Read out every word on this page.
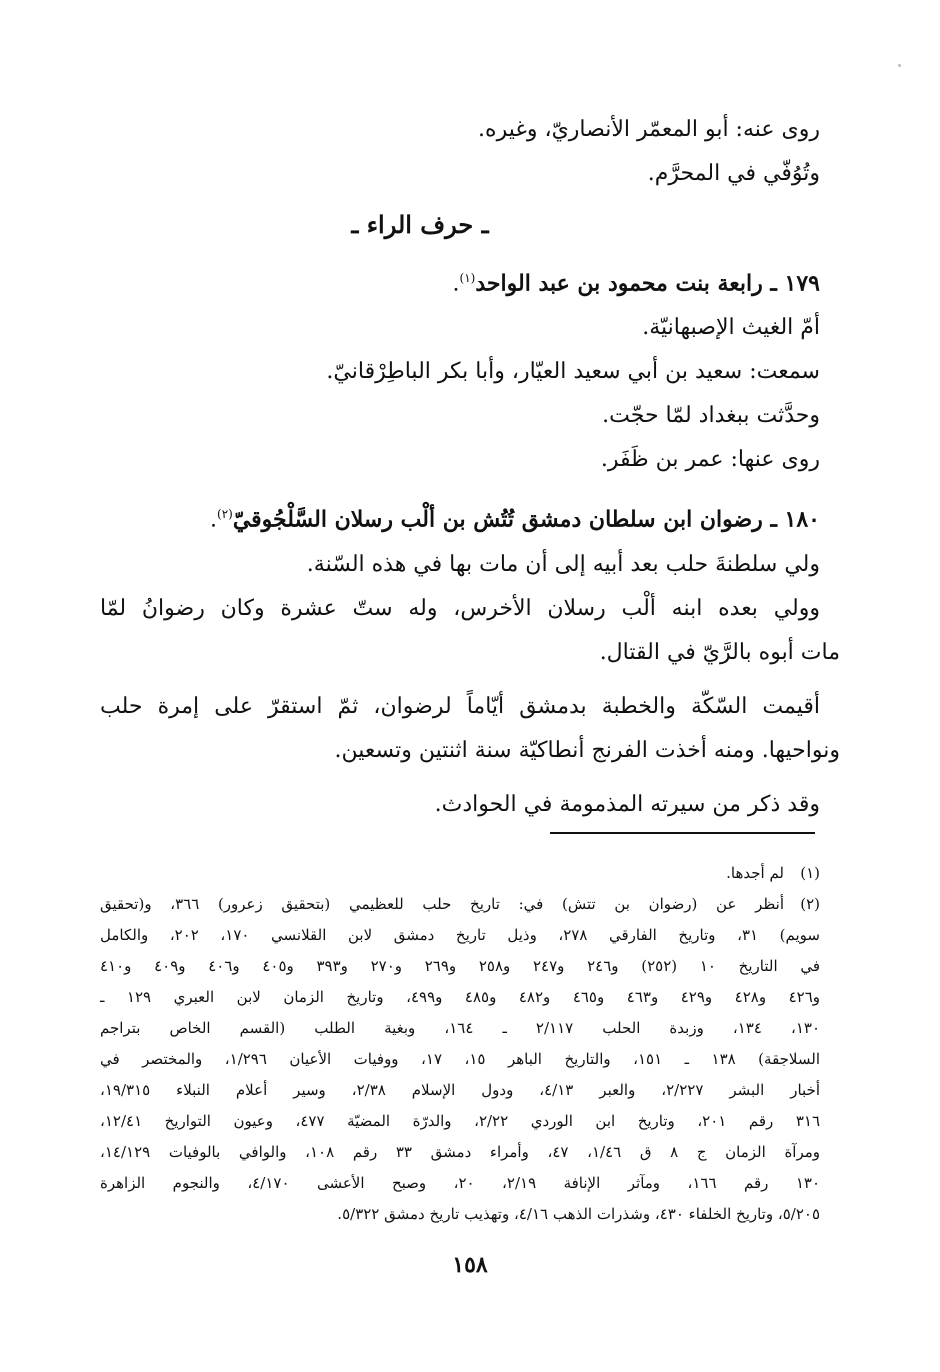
روى عنه: أبو المعمّر الأنصاريّ، وغيره.
وتُوُفّي في المحرَّم.
ـ حرف الراء ـ
١٧٩ ـ رابعة بنت محمود بن عبد الواحد$^{(١)}$.
أمّ الغيث الإصبهانيّة.
سمعت: سعيد بن أبي سعيد العيّار، وأبا بكر الباطِرْقانيّ.
وحدَّثت ببغداد لمّا حجّت.
روى عنها: عمر بن ظَفَر.
١٨٠ ـ رضوان ابن سلطان دمشق تُتُش بن ألْب رسلان السَّلْجُوقيّ$^{(٢)}$.
ولي سلطنةَ حلب بعد أبيه إلى أن مات بها في هذه السّنة.
وولي بعده ابنه ألْب رسلان الأخرس، وله ستّ عشرة وكان رضوانُ لمّا
مات أبوه بالرَّيّ في القتال.
أقيمت السّكّة والخطبة بدمشق أيّاماً لرضوان، ثمّ استقرّ على إمرة حلب
ونواحيها. ومنه أخذت الفرنج أنطاكيّة سنة اثنتين وتسعين.
وقد ذكر من سيرته المذمومة في الحوادث.
(١)
لم أجدها.
(٢)
أنظر عن (رضوان بن تتش) في: تاريخ حلب للعظيمي (بتحقيق زعرور) ٣٦٦، و(تحقيق
سويم) ٣١، وتاريخ الفارقي ٢٧٨، وذيل تاريخ دمشق لابن القلانسي ١٧٠، ٢٠٢، والكامل
في التاريخ ١٠ (٢٥٢) و٢٤٦ و٢٤٧ و٢٥٨ و٢٦٩ و٢٧٠ و٣٩٣ و٤٠٥ و٤٠٦ و٤٠٩ و٤١٠
و٤٢٦ و٤٢٨ و٤٢٩ و٤٦٣ و٤٦٥ و٤٨٢ و٤٨٥ و٤٩٩، وتاريخ الزمان لابن العبري ١٢٩ ـ
١٣٠، ١٣٤، وزبدة الحلب ٢/١١٧ ـ ١٦٤، وبغية الطلب (القسم الخاص بتراجم
السلاجقة) ١٣٨ ـ ١٥١، والتاريخ الباهر ١٥، ١٧، ووفيات الأعيان ١/٢٩٦، والمختصر في
أخبار البشر ٢/٢٢٧، والعبر ٤/١٣، ودول الإسلام ٢/٣٨، وسير أعلام النبلاء ١٩/٣١٥،
٣١٦ رقم ٢٠١، وتاريخ ابن الوردي ٢/٢٢، والدرّة المضيّة ٤٧٧، وعيون التواريخ ١٢/٤١،
ومرآة الزمان ج ٨ ق ١/٤٦، ٤٧، وأمراء دمشق ٣٣ رقم ١٠٨، والوافي بالوفيات ١٤/١٢٩،
١٣٠ رقم ١٦٦، ومآثر الإنافة ٢/١٩، ٢٠، وصبح الأعشى ٤/١٧٠، والنجوم الزاهرة
٥/٢٠٥، وتاريخ الخلفاء ٤٣٠، وشذرات الذهب ٤/١٦، وتهذيب تاريخ دمشق ٥/٣٢٢.
١٥٨
